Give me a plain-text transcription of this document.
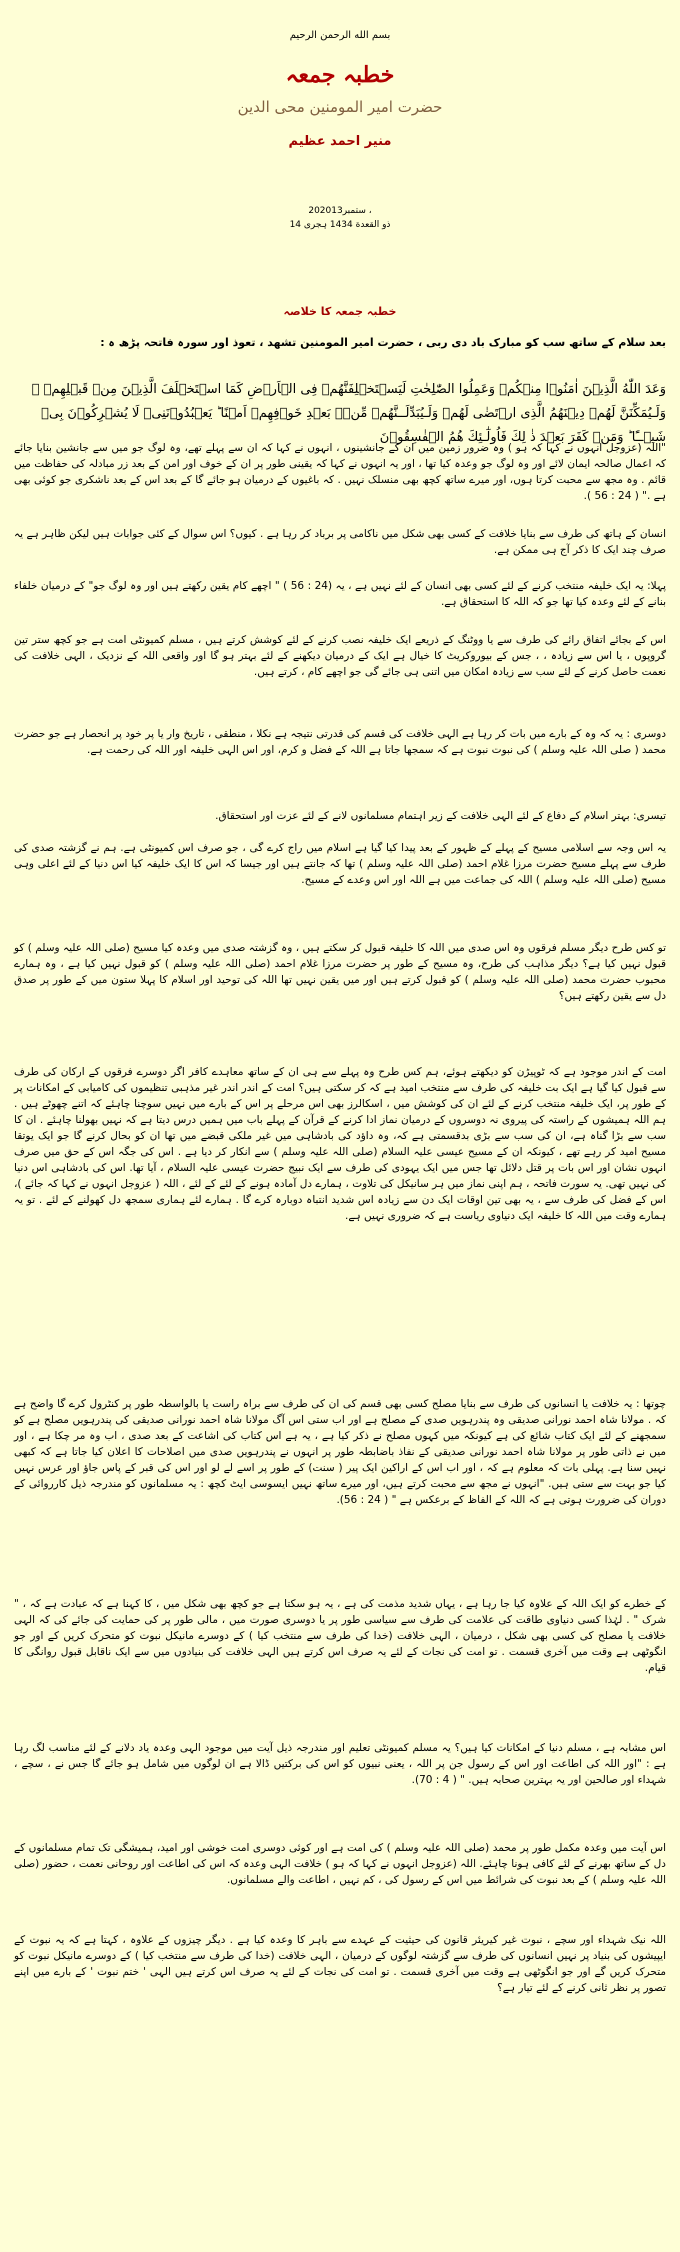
بسم الله الرحمن الرحيم
خطبہ جمعہ
حضرت امیر المومنین محی الدین
منیر احمد عظیم
202013ستمبر ،
14 ذو القعدة 1434 ہجری
خطبہ جمعہ کا خلاصہ
بعد سلام کے ساتھ سب کو مبارک باد دی ربی ، حضرت امیر المومنین تشھد ، تعوذ اور سورہ فاتحہ پڑھ ہ :
وَعَدَ اللّٰهُ الَّذِيۡنَ اٰمَنُوۡا مِنۡكُمۡ وَعَمِلُوا الصّٰلِحٰتِ لَيَسۡتَخۡلِفَنَّهُمۡ فِى الۡاَرۡضِ كَمَا اسۡتَخۡلَفَ الَّذِيۡنَ مِنۡ قَبۡلِهِمۡ ۖ وَلَـيُمَكِّنَنَّ لَهُمۡ دِيۡنَهُمُ الَّذِى ارۡتَضٰى لَهُمۡ وَلَـيُبَدِّلَــنَّهُمۡ مِّنۡۢ بَعۡدِ خَوۡفِهِمۡ اَمۡنًا ؕ يَعۡبُدُوۡنَنِىۡ لَا يُشۡرِكُوۡنَ بِىۡ شَيۡــًٔا ؕ وَمَنۡ كَفَرَ بَعۡدَ ذٰ لِكَ فَاُولٰٓـئِكَ هُمُ الۡفٰسِقُوۡنَ

"اللہ (عزوجل انہوں نے کہا کہ ہو ) وہ ضرور زمین میں ان کے جانشینوں ، انہوں نے کہا کہ ان سے پہلے تھے، وہ لوگ جو میں سے جانشین بنایا جائے کہ اعمال صالحہ ایمان لائے اور وہ لوگ جو وعدہ کیا تھا ، اور یہ انہوں نے کہا کہ یقینی طور پر ان کے خوف اور امن کے بعد زر مبادلہ کی حفاظت میں قائم . وہ مجھ سے محبت کرتا ہوں، اور میرے ساتھ کچھ بھی منسلک نہیں . کہ باغیوں کے درمیان ہو جائے گا کے بعد اس کے بعد ناشکری جو کوئی بھی ہے ." ( 24 : 56 ).

انسان کے ہاتھ کی طرف سے بنایا خلافت کے کسی بھی شکل میں ناکامی پر برباد کر رہا ہے . کیوں؟ اس سوال کے کئی جوابات ہیں لیکن ظاہر ہے یہ صرف چند ایک کا ذکر آج ہی ممکن ہے.

پہلا: یہ ایک خلیفہ منتخب کرنے کے لئے کسی بھی انسان کے لئے نہیں ہے ، یہ (24 : 56 ) " اچھے کام یقین رکھتے ہیں اور وہ لوگ جو" کے درمیان خلفاء بنانے کے لئے وعدہ کیا تھا جو کہ اللہ کا استحقاق ہے.

اس کے بجائے اتفاق رائے کی طرف سے یا ووٹنگ کے ذریعے ایک خلیفہ نصب کرنے کے لئے کوشش کرتے ہیں ، مسلم کمیونٹی امت ہے جو کچھ ستر تین گروپوں ، یا اس سے زیادہ ، ، جس کے بیوروکریٹ کا خیال ہے ایک کے درمیان دیکھنے کے لئے بہتر ہو گا اور واقعی اللہ کے نزدیک ، الہی خلافت کی نعمت حاصل کرنے کے لئے سب سے زیادہ امکان میں اتنی ہی جائے گی جو اچھے کام ، کرتے ہیں.

دوسری : یہ کہ وہ کے بارے میں بات کر رہا ہے الہی خلافت کی قسم کی قدرتی نتیجہ ہے نکلا ، منطقی ، تاریخ وار یا پر خود پر انحصار ہے جو حضرت محمد ( صلی اللہ علیہ وسلم ) کی نبوت نبوت ہے کہ سمجھا جاتا ہے اللہ کے فضل و کرم، اور اس الہی خلیفہ اور اللہ کی رحمت ہے.

تیسری: بہتر اسلام کے دفاع کے لئے الہی خلافت کے زیر اہتمام مسلمانوں لانے کے لئے عزت اور استحقاق.

یہ اس وجہ سے اسلامی مسیح کے پہلے کے ظہور کے بعد پیدا کیا گیا ہے اسلام میں راج کرے گی ، جو صرف اس کمیونٹی ہے. ہم نے گزشتہ صدی کی طرف سے پہلے مسیح حضرت مرزا غلام احمد (صلی اللہ علیہ وسلم ) تھا کہ جانتے ہیں اور جیسا کہ اس کا ایک خلیفہ کیا اس دنیا کے لئے اعلی وہی مسیح (صلی اللہ علیہ وسلم ) اللہ کی جماعت میں ہے اللہ اور اس وعدے کے مسیح.

تو کس طرح دیگر مسلم فرقوں وہ اس صدی میں اللہ کا خلیفہ قبول کر سکتے ہیں ، وہ گزشتہ صدی میں وعدہ کیا مسیح (صلی اللہ علیہ وسلم ) کو قبول نہیں کیا ہے؟ دیگر مذاہب کی طرح، وہ مسیح کے طور پر حضرت مرزا غلام احمد (صلی اللہ علیہ وسلم ) کو قبول نہیں کیا ہے ، وہ ہمارے محبوب حضرت محمد (صلی اللہ علیہ وسلم ) کو قبول کرتے ہیں اور میں یقین نہیں تھا اللہ کی توحید اور اسلام کا پہلا ستون میں کے طور پر صدق دل سے یقین رکھتے ہیں؟

امت کے اندر موجود ہے کہ ٹوپیڑن کو دیکھتے ہوئے، ہم کس طرح وہ پہلے سے ہی ان کے ساتھ معاہدے کافر اگر دوسرے فرقوں کے ارکان کی طرف سے قبول کیا گیا ہے ایک بت خلیفہ کی طرف سے منتخب امید ہے کہ کر سکتی ہیں؟ امت کے اندر اندر غیر مذہبی تنظیموں کی کامیابی کے امکانات پر کے طور پر، ایک خلیفہ منتخب کرنے کے لئے ان کی کوشش میں ، اسکالرز بھی اس مرحلے پر اس کے بارے میں نہیں سوچنا چاہئے کہ اتنے چھوٹے ہیں . ہم اللہ ہمیشوں کے راستہ کی پیروی نہ دوسروں کے درمیان نماز ادا کرنے کے قرآن کے پہلے باب میں ہمیں درس دیتا ہے کہ نہیں بھولنا چاہئے . ان کا سب سے بڑا گناہ ہے، ان کی سب سے بڑی بدقسمتی ہے کہ، وہ داؤد کی بادشاہی میں غیر ملکی قبضے میں تھا ان کو بحال کرنے گا جو ایک یوتقا مسیح امید کر رہے تھے ، کیونکہ ان کے مسیح عیسی علیہ السلام (صلی اللہ علیہ وسلم ) سے انکار کر دیا ہے . اس کی جگہ اس کے حق میں صرف انہوں نشان اور اس بات پر قتل دلائل تھا جس میں ایک یہودی کی طرف سے ایک نبیج حضرت عیسی علیہ السلام ، آیا تھا. اس کی بادشاہی اس دنیا کی نہیں تھی. یہ سورت فاتحہ ، ہم اپنی نماز میں ہر سانیکل کی تلاوت ، ہمارے دل آمادہ ہونے کے لئے کے لئے ، اللہ ( عزوجل انہوں نے کہا کہ جائے )، اس کے فضل کی طرف سے ، یہ بھی تین اوقات ایک دن سے زیادہ اس شدید انتباہ دوبارہ کرے گا . ہمارے لئے ہماری سمجھ دل کھولنے کے لئے . تو یہ ہمارے وقت میں اللہ کا خلیفہ ایک دنیاوی ریاست ہے کہ ضروری نہیں ہے.

چوتھا : یہ خلافت یا انسانوں کی طرف سے بنایا مصلح کسی بھی قسم کی ان کی طرف سے براہ راست یا بالواسطہ طور پر کنٹرول کرے گا واضح ہے کہ . مولانا شاہ احمد نورانی صدیقی وہ پندرہویں صدی کے مصلح ہے اور اب ستی اس آگ مولانا شاہ احمد نورانی صدیقی کی پندرہویں مصلح ہے کو سمجھنے کے لئے ایک کتاب شائع کی ہے کیونکہ میں کہوں مصلح نے ذکر کیا ہے ، یہ ہے اس کتاب کی اشاعت کے بعد صدی ، اب وہ مر چکا ہے ، اور میں نے ذاتی طور پر مولانا شاہ احمد نورانی صدیقی کے نفاذ باضابطہ طور پر انہوں نے پندرہویں صدی میں اصلاحات کا اعلان کیا جاتا ہے کہ کبھی نہیں سنا ہے. پہلی بات کہ معلوم ہے کہ ، اور اب اس کے اراکین ایک پیر ( سنت) کے طور پر اسے لے لو اور اس کی قبر کے پاس جاؤ اور عرس نہیں کیا جو بہت سے ستی ہیں. "انہوں نے مجھ سے محبت کرتے ہیں، اور میرے ساتھ نہیں ایسوسی ایٹ کچھ : یہ مسلمانوں کو مندرجہ ذیل کارروائی کے دوران کی ضرورت ہوتی ہے کہ اللہ کے الفاظ کے برعکس ہے " ( 24 : 56).

کے خطرے کو ایک اللہ کے علاوہ کیا جا رہا ہے ، یہاں شدید مذمت کی ہے ، یہ ہو سکتا ہے جو کچھ بھی شکل میں ، کا کہنا ہے کہ عبادت ہے کہ ، " شرک " . لہٰذا کسی دنیاوی طاقت کی علامت کی طرف سے سیاسی طور پر یا دوسری صورت میں ، مالی طور پر کی حمایت کی جائے کی کہ الہی خلافت یا مصلح کی کسی بھی شکل ، درمیان ، الہی خلافت (خدا کی طرف سے منتخب کیا ) کے دوسرے مانیکل نبوت کو متحرک کریں کے اور جو انگوٹھی ہے وقت میں آخری قسمت . تو امت کی نجات کے لئے یہ صرف اس کرتے ہیں الہی خلافت کی بنیادوں میں سے ایک ناقابل قبول روانگی کا قیام.

اس مشابہ ہے ، مسلم دنیا کے امکانات کیا ہیں؟ یہ مسلم کمیونٹی تعلیم اور مندرجہ ذیل آیت میں موجود الہی وعدہ یاد دلانے کے لئے مناسب لگ رہا ہے : "اور اللہ کی اطاعت اور اس کے رسول جن پر اللہ ، یعنی نبیوں کو اس کی برکتیں ڈالا ہے ان لوگوں میں شامل ہو جائے گا جس نے ، سچے ، شہداء اور صالحین اور یہ بہترین صحابہ ہیں. " ( 4 : 70).

اس آیت میں وعدہ مکمل طور پر محمد (صلی اللہ علیہ وسلم ) کی امت ہے اور کوئی دوسری امت خوشی اور امید، ہمیشگی تک تمام مسلمانوں کے دل کے ساتھ بھرنے کے لئے کافی ہونا چاہئے. اللہ (عزوجل انہوں نے کہا کہ ہو ) خلافت الہی وعدہ کہ اس کی اطاعت اور روحانی نعمت ، حضور (صلی اللہ علیہ وسلم ) کے بعد نبوت کی شرائط میں اس کے رسول کی ، کم نہیں ، اطاعت والے مسلمانوں.

اللہ نیک شہداء اور سچے ، نبوت غیر کیریئر قانون کی حیثیت کے عہدے سے باہر کا وعدہ کیا ہے . دیگر چیزوں کے علاوہ ، کہتا ہے کہ یہ نبوت کے ایپیشوں کی بنیاد پر نہیں انسانوں کی طرف سے گزشتہ لوگوں کے درمیان ، الہی خلافت (خدا کی طرف سے منتخب کیا ) کے دوسرے مانیکل نبوت کو متحرک کریں گے اور جو انگوٹھی ہے وقت میں آخری قسمت . تو امت کی نجات کے لئے یہ صرف اس کرتے ہیں الہی ' ختم نبوت ' کے بارے میں اپنے تصور پر نظر ثانی کرنے کے لئے تیار ہے؟
